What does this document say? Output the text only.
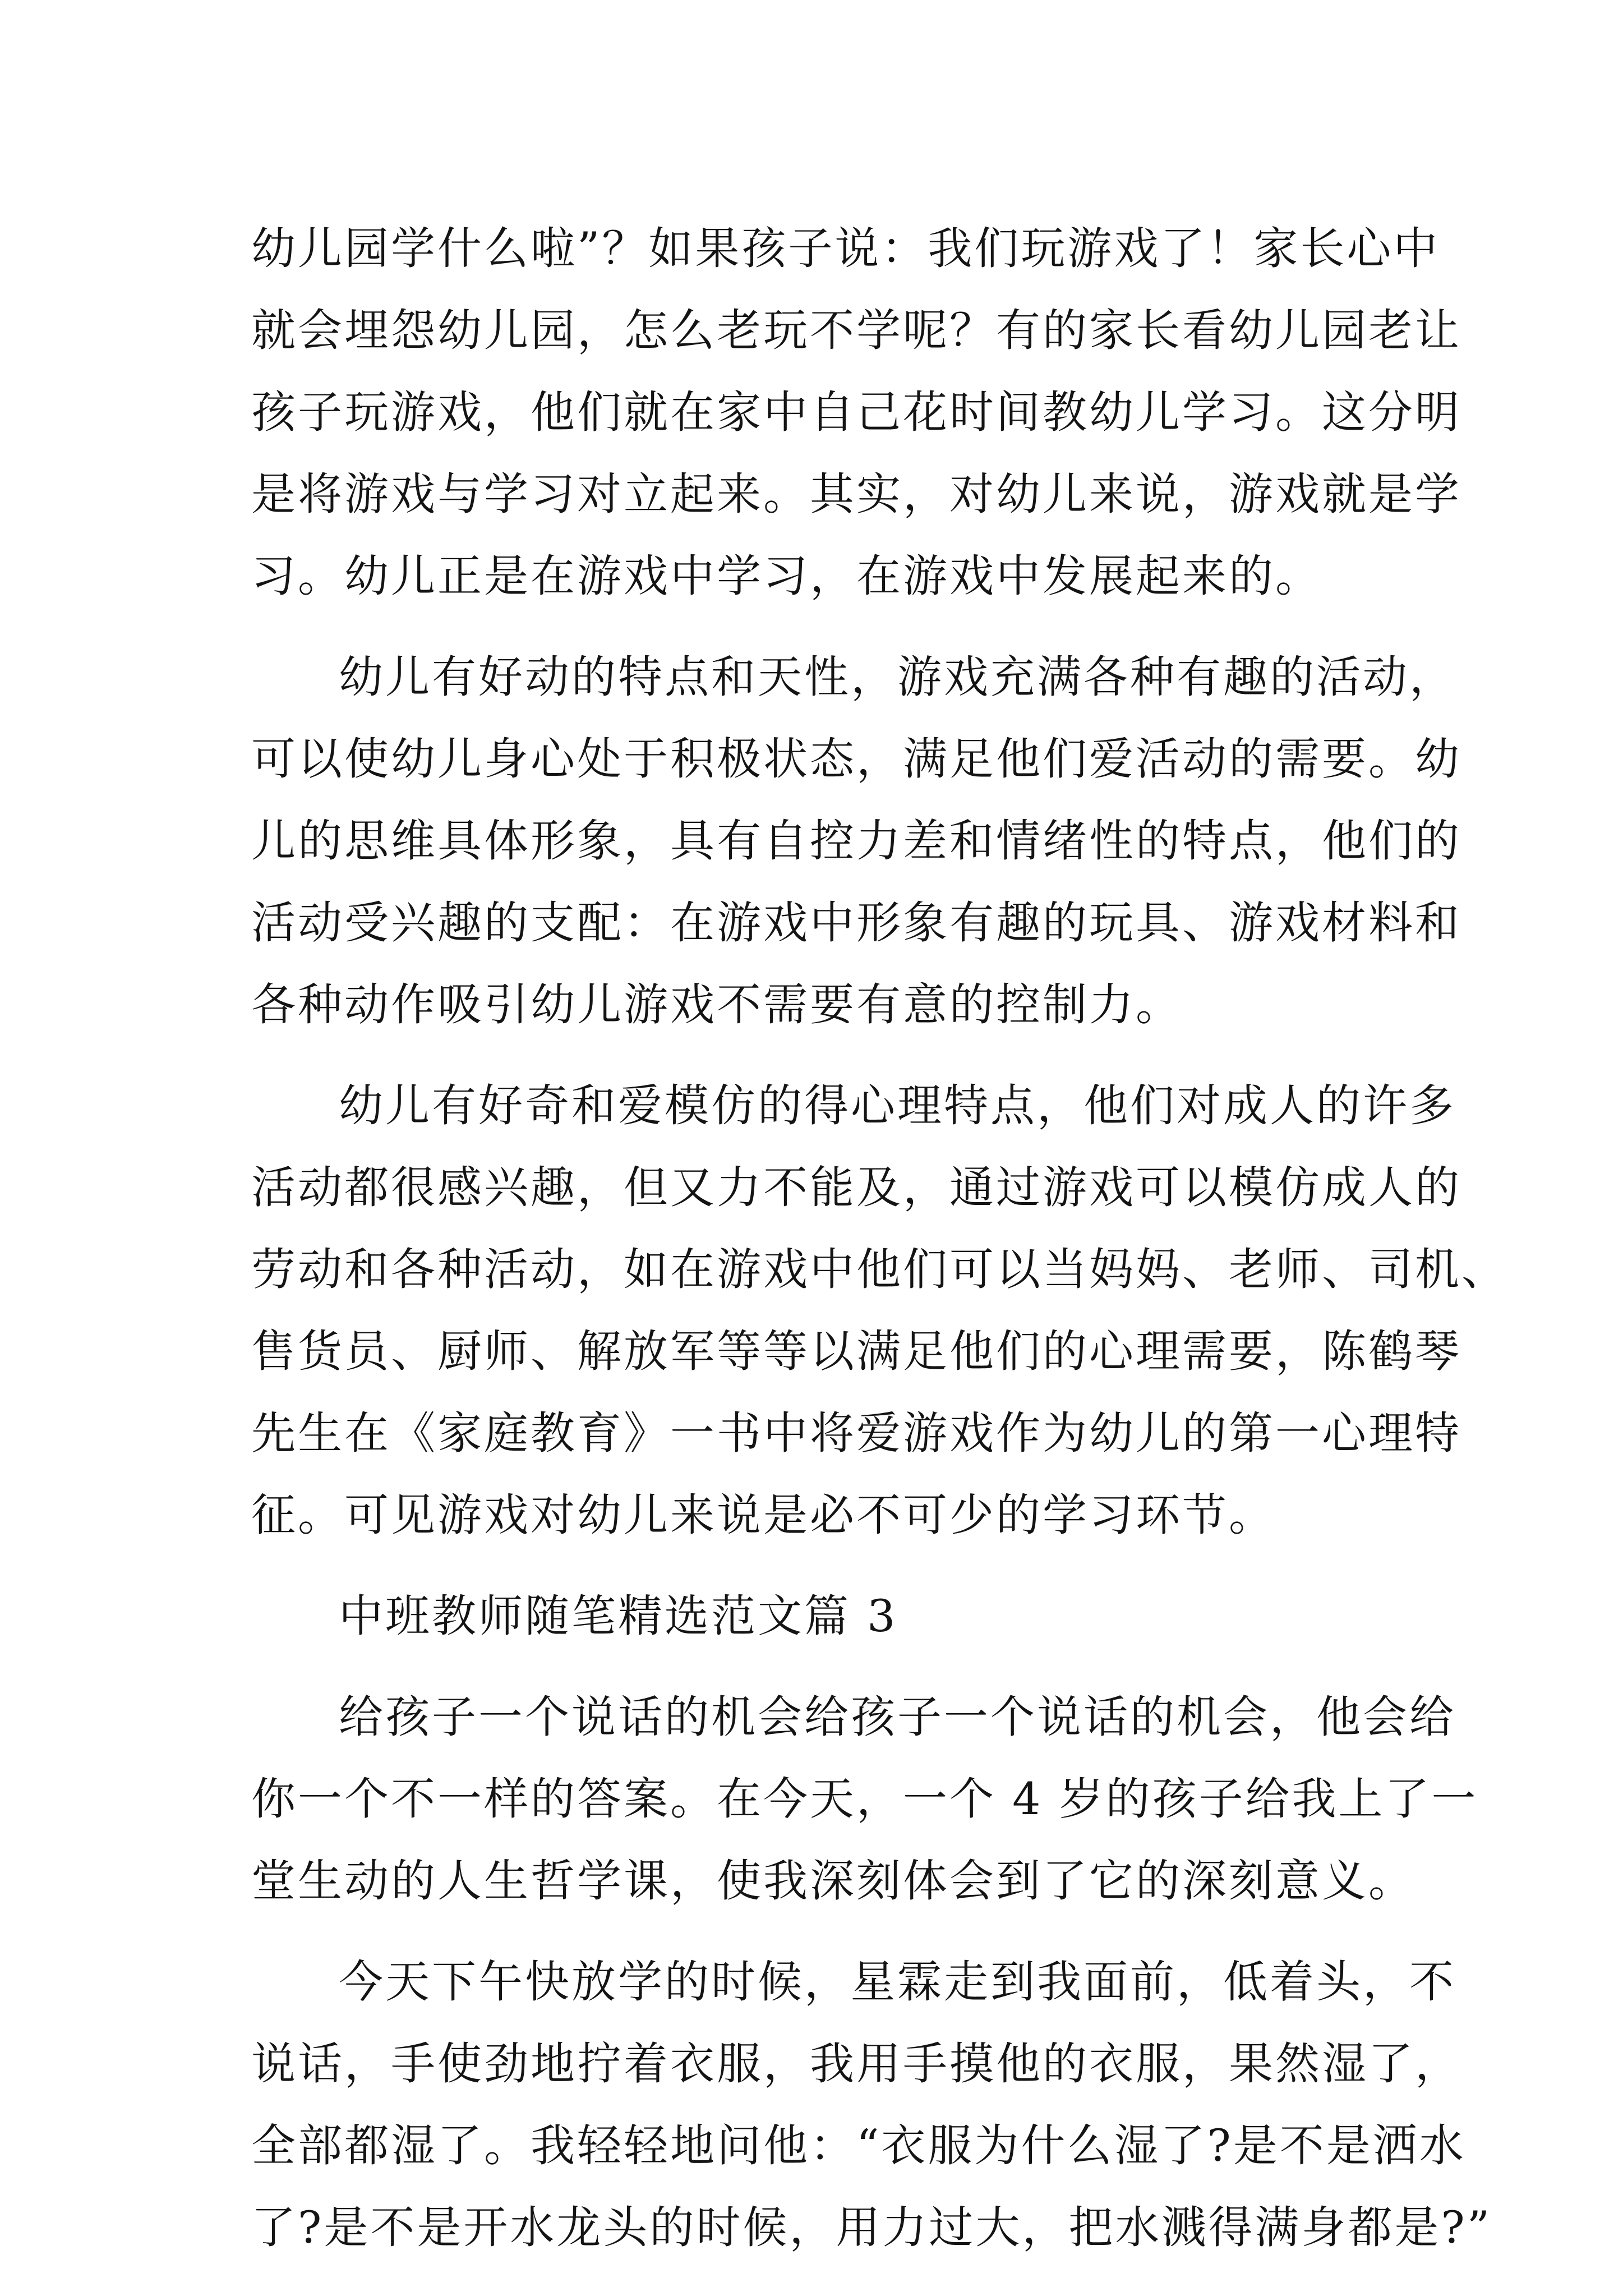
幼儿园学什么啦”？如果孩子说：我们玩游戏了！家长心中
就会埋怨幼儿园，怎么老玩不学呢？有的家长看幼儿园老让
孩子玩游戏，他们就在家中自己花时间教幼儿学习。这分明
是将游戏与学习对立起来。其实，对幼儿来说，游戏就是学
习。幼儿正是在游戏中学习，在游戏中发展起来的。
幼儿有好动的特点和天性，游戏充满各种有趣的活动，
可以使幼儿身心处于积极状态，满足他们爱活动的需要。幼
儿的思维具体形象，具有自控力差和情绪性的特点，他们的
活动受兴趣的支配：在游戏中形象有趣的玩具、游戏材料和
各种动作吸引幼儿游戏不需要有意的控制力。
幼儿有好奇和爱模仿的得心理特点，他们对成人的许多
活动都很感兴趣，但又力不能及，通过游戏可以模仿成人的
劳动和各种活动，如在游戏中他们可以当妈妈、老师、司机、
售货员、厨师、解放军等等以满足他们的心理需要，陈鹤琴
先生在《家庭教育》一书中将爱游戏作为幼儿的第一心理特
征。可见游戏对幼儿来说是必不可少的学习环节。
中班教师随笔精选范文篇 3
给孩子一个说话的机会给孩子一个说话的机会，他会给
你一个不一样的答案。在今天，一个 4 岁的孩子给我上了一
堂生动的人生哲学课，使我深刻体会到了它的深刻意义。
今天下午快放学的时候，星霖走到我面前，低着头，不
说话，手使劲地拧着衣服，我用手摸他的衣服，果然湿了，
全部都湿了。我轻轻地问他：“衣服为什么湿了?是不是洒水
了?是不是开水龙头的时候，用力过大，把水溅得满身都是?”
